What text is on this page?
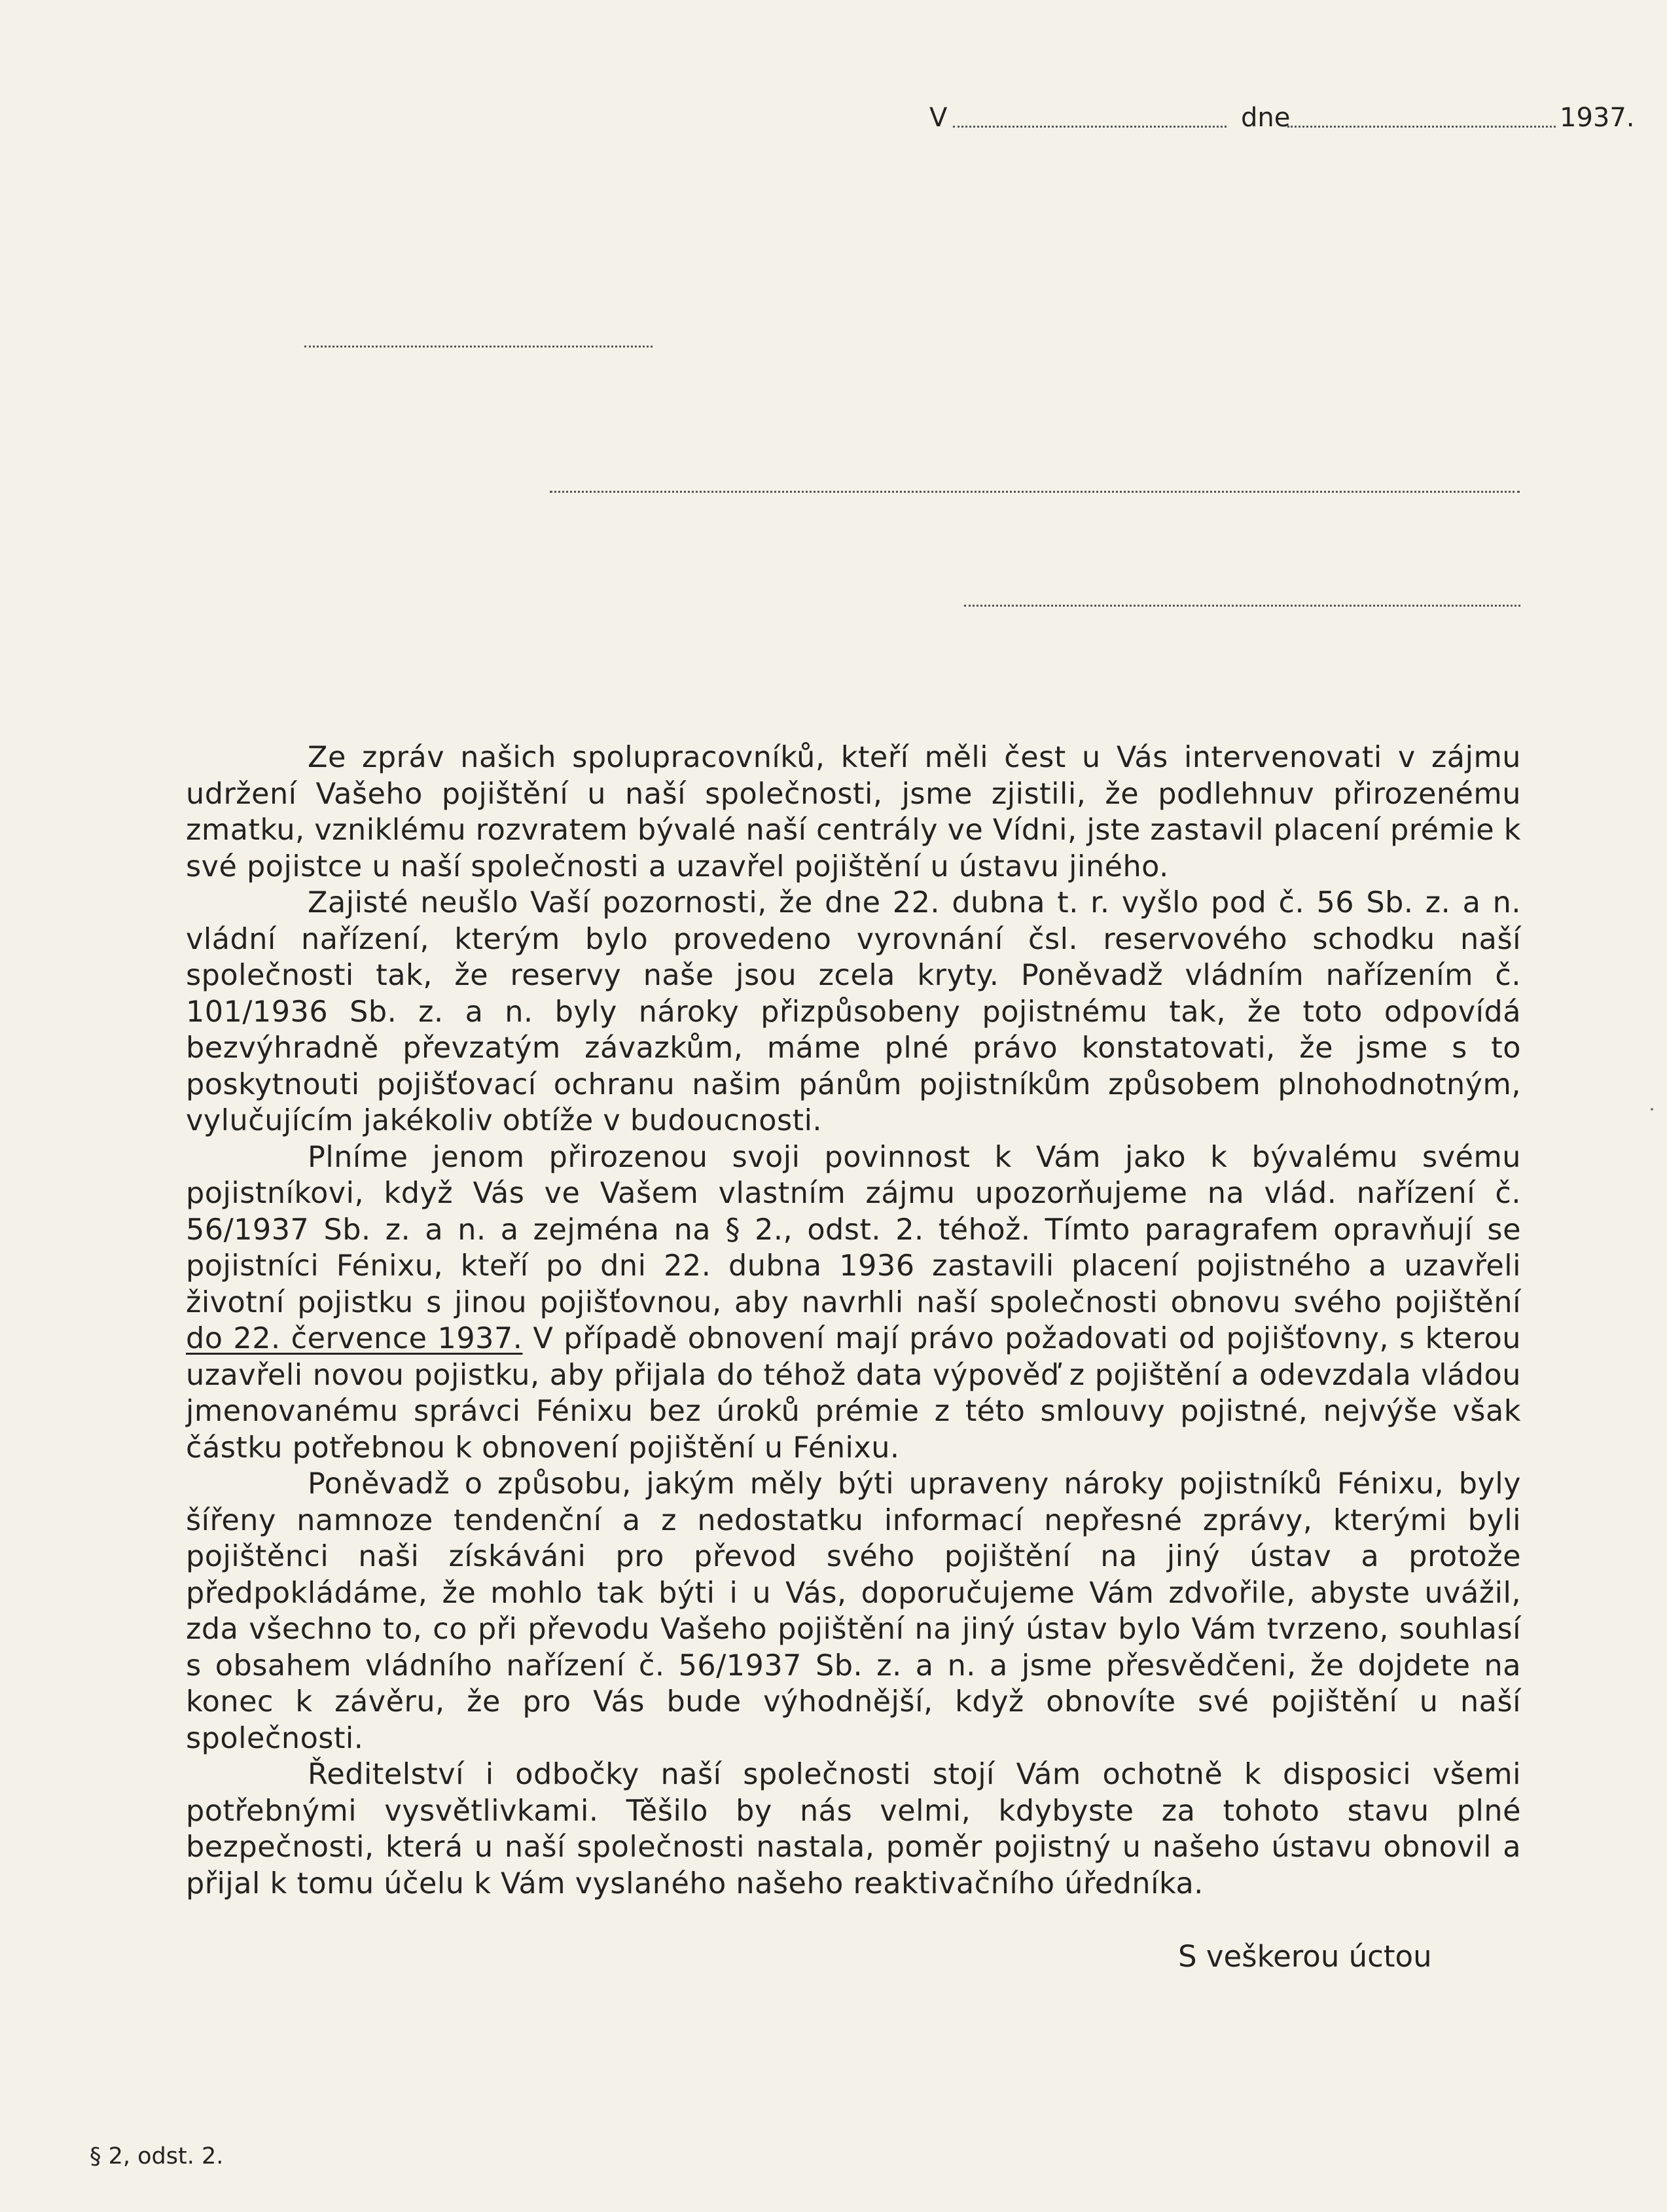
V	dne	1937.

Ze zpráv našich spolupracovníků, kteří měli čest u Vás intervenovati v zájmu udržení Vašeho pojištění u naší společnosti, jsme zjistili, že podlehnuv přirozenému zmatku, vzniklému rozvratem bývalé naší centrály ve Vídni, jste zastavil placení prémie k své pojistce u naší společnosti a uzavřel pojištění u ústavu jiného.

Zajisté neušlo Vaší pozornosti, že dne 22. dubna t. r. vyšlo pod č. 56 Sb. z. a n. vládní nařízení, kterým bylo provedeno vyrovnání čsl. reservového schodku naší společnosti tak, že reservy naše jsou zcela kryty. Poněvadž vládním nařízením č. 101/1936 Sb. z. a n. byly nároky přizpůsobeny pojistnému tak, že toto odpovídá bezvýhradně převzatým závazkům, máme plné právo konstatovati, že jsme s to poskytnouti pojišťovací ochranu našim pánům pojistníkům způsobem plnohodnotným, vylučujícím jakékoliv obtíže v budoucnosti.

Plníme jenom přirozenou svoji povinnost k Vám jako k bývalému svému pojistníkovi, když Vás ve Vašem vlastním zájmu upozorňujeme na vlád. nařízení č. 56/1937 Sb. z. a n. a zejména na § 2., odst. 2. téhož. Tímto paragrafem opravňují se pojistníci Fénixu, kteří po dni 22. dubna 1936 zastavili placení pojistného a uzavřeli životní pojistku s jinou pojišťovnou, aby navrhli naší společnosti obnovu svého pojištění do 22. července 1937. V případě obnovení mají právo požadovati od pojišťovny, s kterou uzavřeli novou pojistku, aby přijala do téhož data výpověď z pojištění a odevzdala vládou jmenovanému správci Fénixu bez úroků prémie z této smlouvy pojistné, nejvýše však částku potřebnou k obnovení pojištění u Fénixu.

Poněvadž o způsobu, jakým měly býti upraveny nároky pojistníků Fénixu, byly šířeny namnoze tendenční a z nedostatku informací nepřesné zprávy, kterými byli pojištěnci naši získáváni pro převod svého pojištění na jiný ústav a protože předpokládáme, že mohlo tak býti i u Vás, doporučujeme Vám zdvořile, abyste uvážil, zda všechno to, co při převodu Vašeho pojištění na jiný ústav bylo Vám tvrzeno, souhlasí s obsahem vládního nařízení č. 56/1937 Sb. z. a n. a jsme přesvědčeni, že dojdete na konec k závěru, že pro Vás bude výhodnější, když obnovíte své pojištění u naší společnosti.

Ředitelství i odbočky naší společnosti stojí Vám ochotně k disposici všemi potřebnými vysvětlivkami. Těšilo by nás velmi, kdybyste za tohoto stavu plné bezpečnosti, která u naší společnosti nastala, poměr pojistný u našeho ústavu obnovil a přijal k tomu účelu k Vám vyslaného našeho reaktivačního úředníka.

S veškerou úctou
§ 2, odst. 2.
